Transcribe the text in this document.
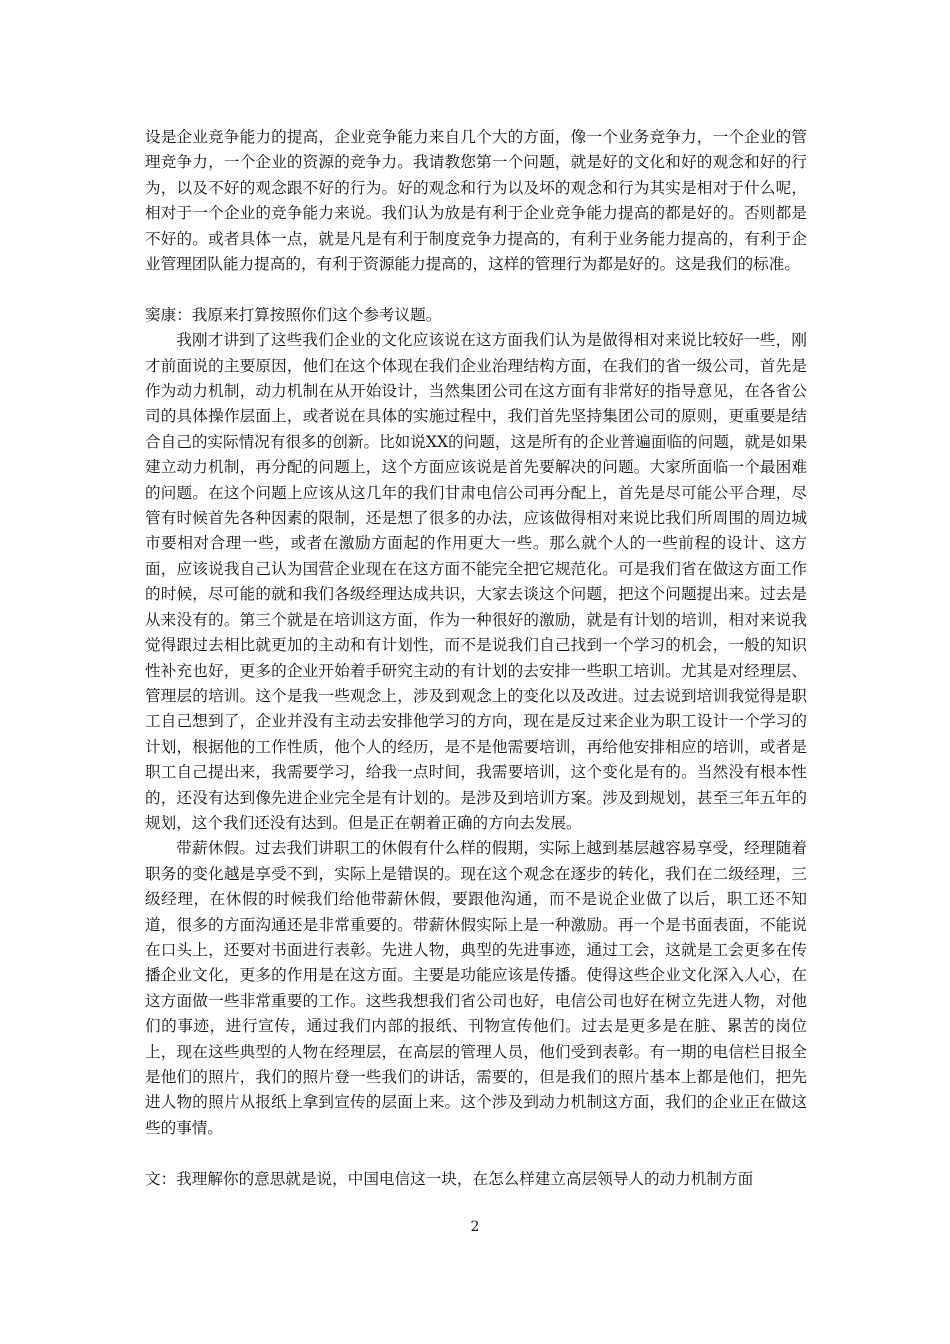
设是企业竞争能力的提高，企业竞争能力来自几个大的方面，像一个业务竞争力，一个企业的管理竞争力，一个企业的资源的竞争力。我请教您第一个问题，就是好的文化和好的观念和好的行为，以及不好的观念跟不好的行为。好的观念和行为以及坏的观念和行为其实是相对于什么呢，相对于一个企业的竞争能力来说。我们认为放是有利于企业竞争能力提高的都是好的。否则都是不好的。或者具体一点，就是凡是有利于制度竞争力提高的，有利于业务能力提高的，有利于企业管理团队能力提高的，有利于资源能力提高的，这样的管理行为都是好的。这是我们的标准。

窦康：我原来打算按照你们这个参考议题。

我刚才讲到了这些我们企业的文化应该说在这方面我们认为是做得相对来说比较好一些，刚才前面说的主要原因，他们在这个体现在我们企业治理结构方面，在我们的省一级公司，首先是作为动力机制，动力机制在从开始设计，当然集团公司在这方面有非常好的指导意见，在各省公司的具体操作层面上，或者说在具体的实施过程中，我们首先坚持集团公司的原则，更重要是结合自己的实际情况有很多的创新。比如说XX的问题，这是所有的企业普遍面临的问题，就是如果建立动力机制，再分配的问题上，这个方面应该说是首先要解决的问题。大家所面临一个最困难的问题。在这个问题上应该从这几年的我们甘肃电信公司再分配上，首先是尽可能公平合理，尽管有时候首先各种因素的限制，还是想了很多的办法，应该做得相对来说比我们所周围的周边城市要相对合理一些，或者在激励方面起的作用更大一些。那么就个人的一些前程的设计、这方面，应该说我自己认为国营企业现在在这方面不能完全把它规范化。可是我们省在做这方面工作的时候，尽可能的就和我们各级经理达成共识，大家去谈这个问题，把这个问题提出来。过去是从来没有的。第三个就是在培训这方面，作为一种很好的激励，就是有计划的培训，相对来说我觉得跟过去相比就更加的主动和有计划性，而不是说我们自己找到一个学习的机会，一般的知识性补充也好，更多的企业开始着手研究主动的有计划的去安排一些职工培训。尤其是对经理层、管理层的培训。这个是我一些观念上，涉及到观念上的变化以及改进。过去说到培训我觉得是职工自己想到了，企业并没有主动去安排他学习的方向，现在是反过来企业为职工设计一个学习的计划，根据他的工作性质，他个人的经历，是不是他需要培训，再给他安排相应的培训，或者是职工自己提出来，我需要学习，给我一点时间，我需要培训，这个变化是有的。当然没有根本性的，还没有达到像先进企业完全是有计划的。是涉及到培训方案。涉及到规划，甚至三年五年的规划，这个我们还没有达到。但是正在朝着正确的方向去发展。

带薪休假。过去我们讲职工的休假有什么样的假期，实际上越到基层越容易享受，经理随着职务的变化越是享受不到，实际上是错误的。现在这个观念在逐步的转化，我们在二级经理，三级经理，在休假的时候我们给他带薪休假，要跟他沟通，而不是说企业做了以后，职工还不知道，很多的方面沟通还是非常重要的。带薪休假实际上是一种激励。再一个是书面表面，不能说在口头上，还要对书面进行表彰。先进人物，典型的先进事迹，通过工会，这就是工会更多在传播企业文化，更多的作用是在这方面。主要是功能应该是传播。使得这些企业文化深入人心，在这方面做一些非常重要的工作。这些我想我们省公司也好，电信公司也好在树立先进人物，对他们的事迹，进行宣传，通过我们内部的报纸、刊物宣传他们。过去是更多是在脏、累苦的岗位上，现在这些典型的人物在经理层，在高层的管理人员，他们受到表彰。有一期的电信栏目报全是他们的照片，我们的照片登一些我们的讲话，需要的，但是我们的照片基本上都是他们，把先进人物的照片从报纸上拿到宣传的层面上来。这个涉及到动力机制这方面，我们的企业正在做这些的事情。

文：我理解你的意思就是说，中国电信这一块，在怎么样建立高层领导人的动力机制方面

2
